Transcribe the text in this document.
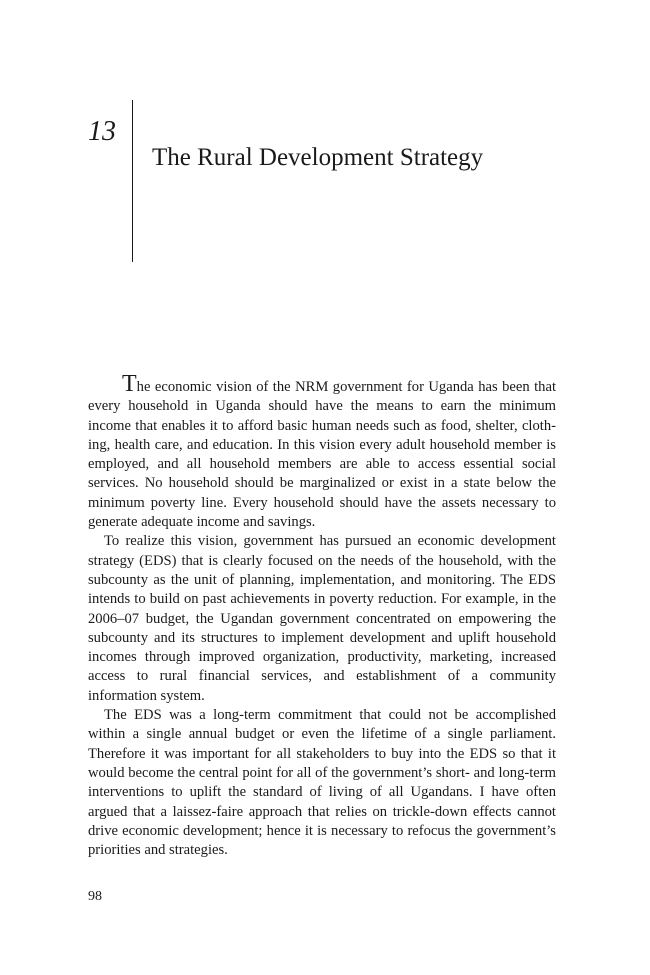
13
The Rural Development Strategy

The economic vision of the NRM government for Uganda has been that every household in Uganda should have the means to earn the minimum income that enables it to afford basic human needs such as food, shelter, clothing, health care, and education. In this vision every adult household member is employed, and all household members are able to access essential social services. No household should be marginalized or exist in a state below the minimum poverty line. Every household should have the assets necessary to generate adequate income and savings.

To realize this vision, government has pursued an economic development strategy (EDS) that is clearly focused on the needs of the household, with the subcounty as the unit of planning, implementation, and monitoring. The EDS intends to build on past achievements in poverty reduction. For example, in the 2006–07 budget, the Ugandan government concentrated on empowering the subcounty and its structures to implement development and uplift household incomes through improved organization, productivity, marketing, increased access to rural financial services, and establishment of a community information system.

The EDS was a long-term commitment that could not be accomplished within a single annual budget or even the lifetime of a single parliament. Therefore it was important for all stakeholders to buy into the EDS so that it would become the central point for all of the government’s short- and long-term interventions to uplift the standard of living of all Ugandans. I have often argued that a laissez-faire approach that relies on trickle-down effects cannot drive economic development; hence it is necessary to refocus the government’s priorities and strategies.

98
